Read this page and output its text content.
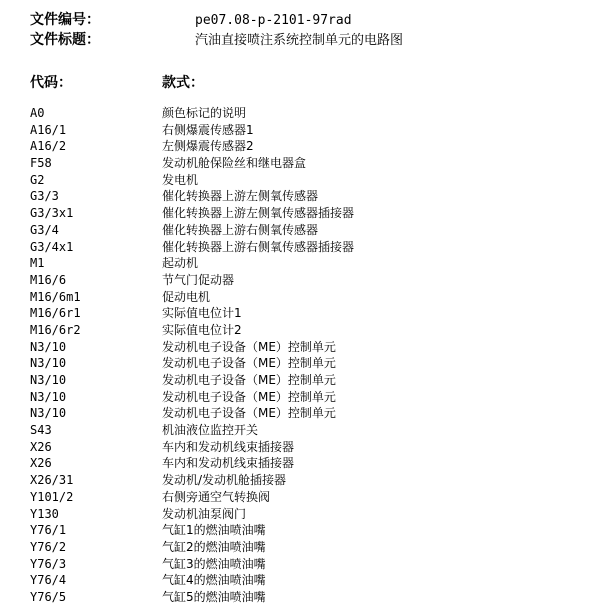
文件编号：	pe07.08-p-2101-97rad
文件标题：	汽油直接喷注系统控制单元的电路图
代码：	款式：
A0	颜色标记的说明
A16/1	右侧爆震传感器1
A16/2	左侧爆震传感器2
F58	发动机舱保险丝和继电器盒
G2	发电机
G3/3	催化转换器上游左侧氧传感器
G3/3x1	催化转换器上游左侧氧传感器插接器
G3/4	催化转换器上游右侧氧传感器
G3/4x1	催化转换器上游右侧氧传感器插接器
M1	起动机
M16/6	节气门促动器
M16/6m1	促动电机
M16/6r1	实际值电位计1
M16/6r2	实际值电位计2
N3/10	发动机电子设备（ME）控制单元
N3/10	发动机电子设备（ME）控制单元
N3/10	发动机电子设备（ME）控制单元
N3/10	发动机电子设备（ME）控制单元
N3/10	发动机电子设备（ME）控制单元
S43	机油液位监控开关
X26	车内和发动机线束插接器
X26	车内和发动机线束插接器
X26/31	发动机/发动机舱插接器
Y101/2	右侧旁通空气转换阀
Y130	发动机油泵阀门
Y76/1	气缸1的燃油喷油嘴
Y76/2	气缸2的燃油喷油嘴
Y76/3	气缸3的燃油喷油嘴
Y76/4	气缸4的燃油喷油嘴
Y76/5	气缸5的燃油喷油嘴
